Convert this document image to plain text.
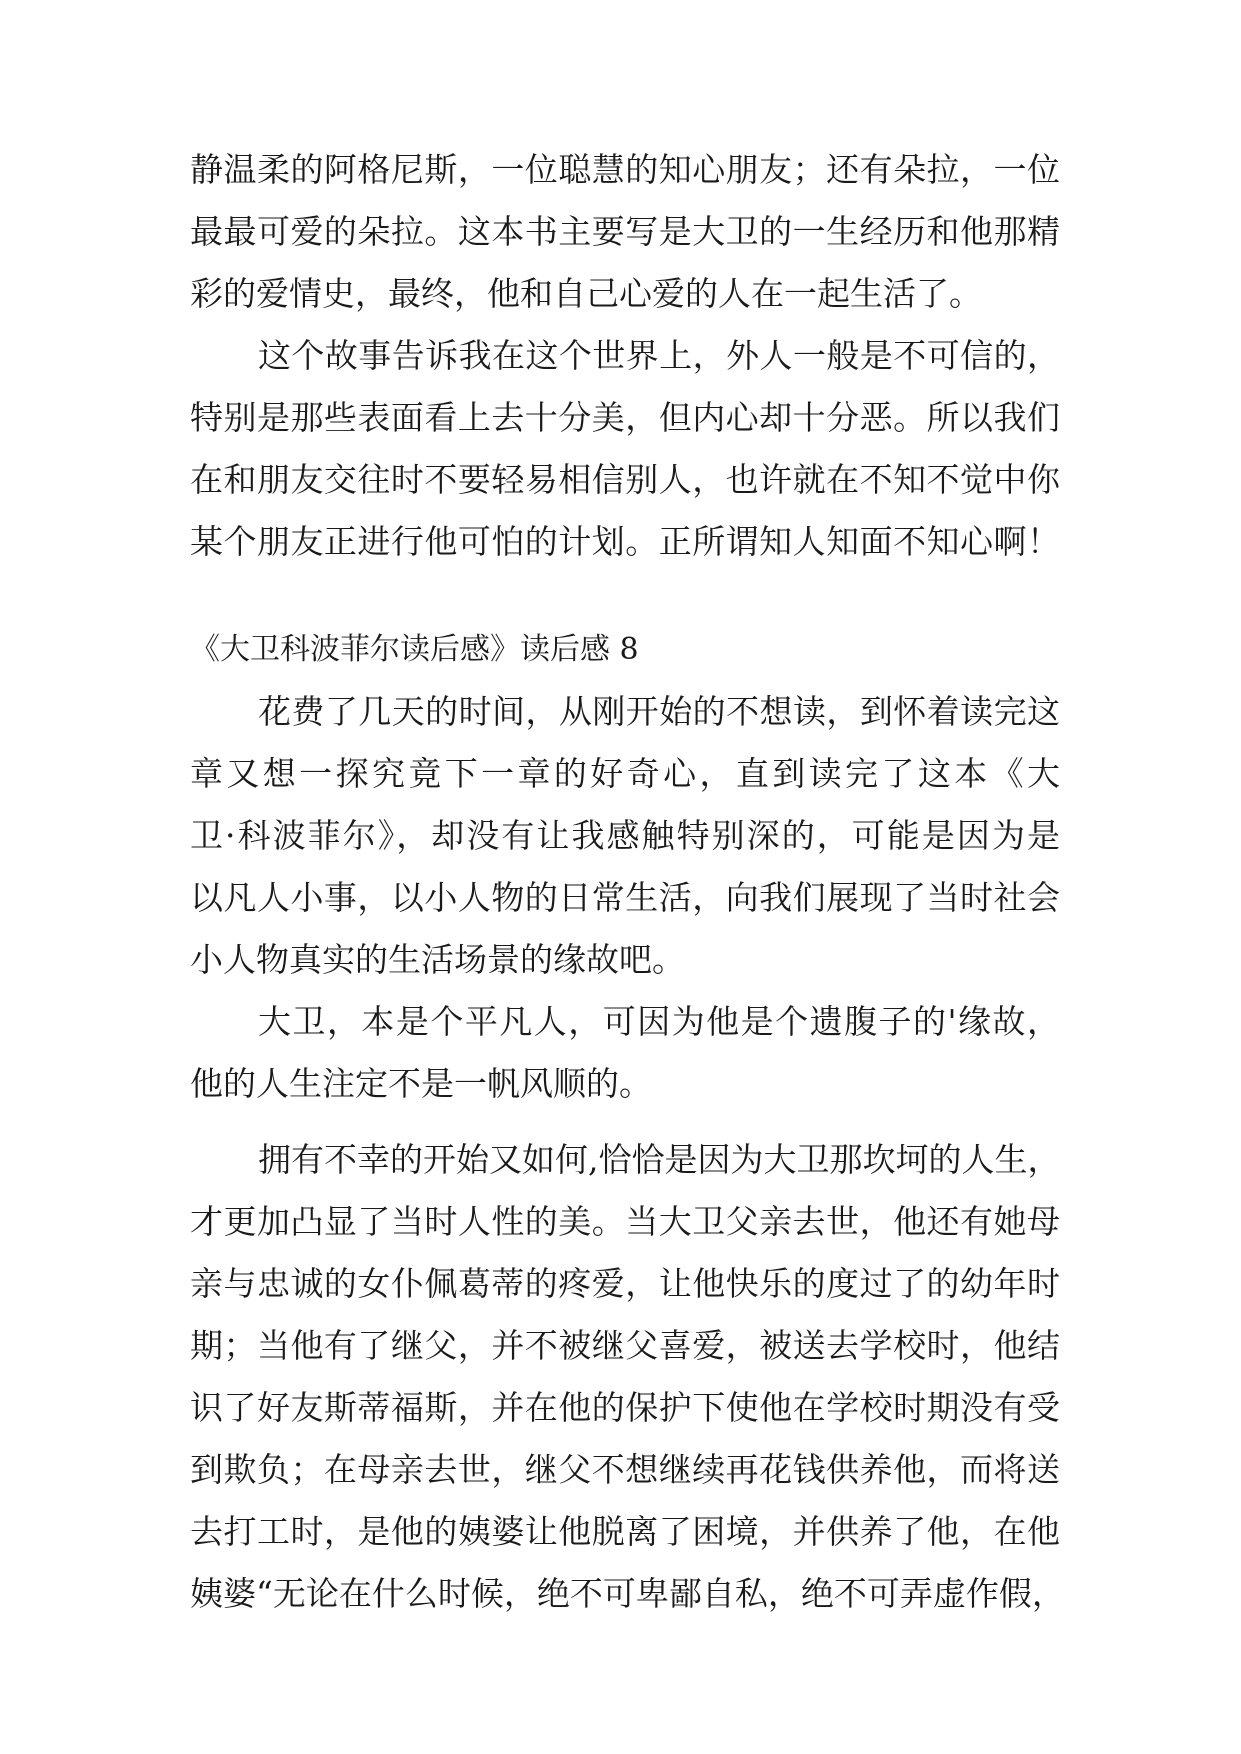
静温柔的阿格尼斯，一位聪慧的知心朋友；还有朵拉，一位
最最可爱的朵拉。这本书主要写是大卫的一生经历和他那精
彩的爱情史，最终，他和自己心爱的人在一起生活了。
这个故事告诉我在这个世界上，外人一般是不可信的，
特别是那些表面看上去十分美，但内心却十分恶。所以我们
在和朋友交往时不要轻易相信别人，也许就在不知不觉中你
某个朋友正进行他可怕的计划。正所谓知人知面不知心啊！
《大卫科波菲尔读后感》读后感 8
花费了几天的时间，从刚开始的不想读，到怀着读完这
章又想一探究竟下一章的好奇心，直到读完了这本《大
卫·科波菲尔》，却没有让我感触特别深的，可能是因为是
以凡人小事，以小人物的日常生活，向我们展现了当时社会
小人物真实的生活场景的缘故吧。
大卫，本是个平凡人，可因为他是个遗腹子的'缘故，
他的人生注定不是一帆风顺的。
拥有不幸的开始又如何,恰恰是因为大卫那坎坷的人生，
才更加凸显了当时人性的美。当大卫父亲去世，他还有她母
亲与忠诚的女仆佩葛蒂的疼爱，让他快乐的度过了的幼年时
期；当他有了继父，并不被继父喜爱，被送去学校时，他结
识了好友斯蒂福斯，并在他的保护下使他在学校时期没有受
到欺负；在母亲去世，继父不想继续再花钱供养他，而将送
去打工时，是他的姨婆让他脱离了困境，并供养了他，在他
姨婆“无论在什么时候，绝不可卑鄙自私，绝不可弄虚作假，
